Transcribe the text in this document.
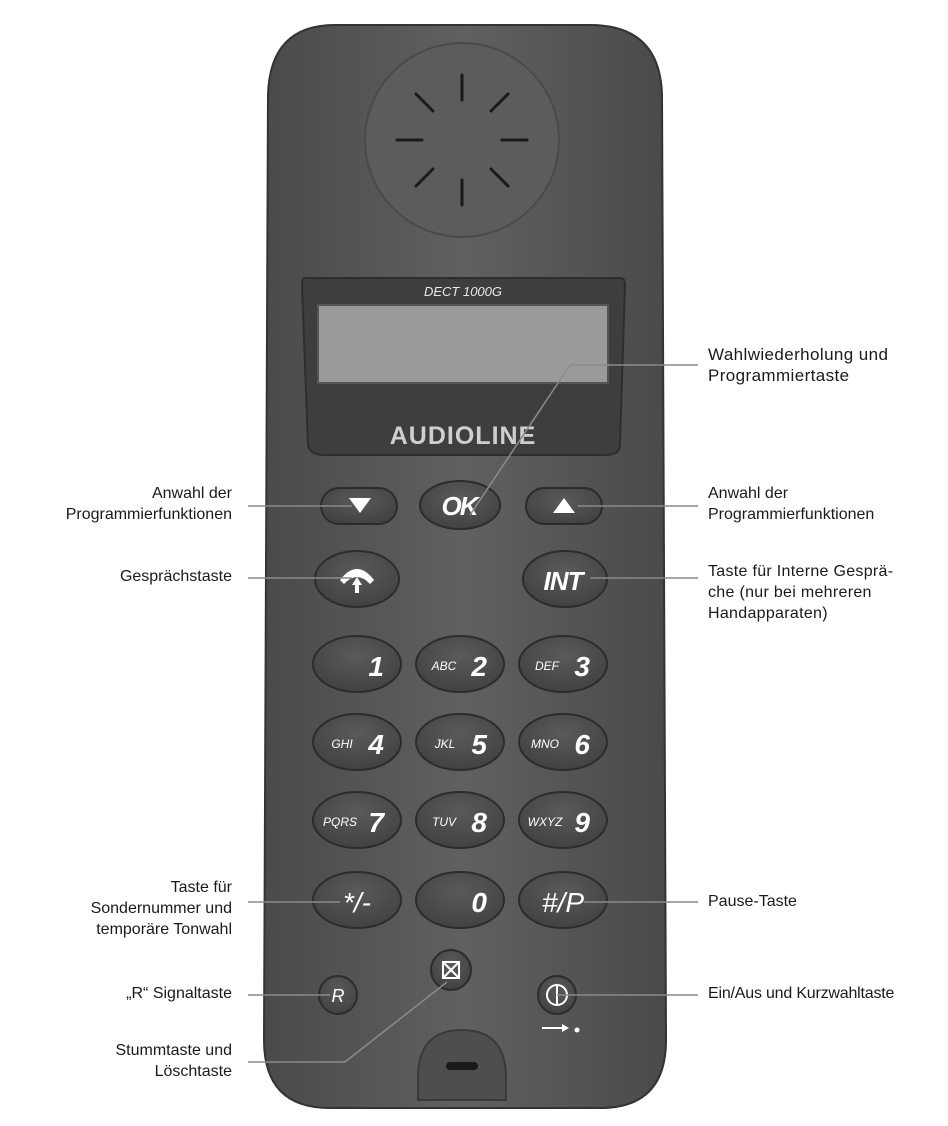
DECT 1000G
AUDIOLINE
OK
INT
1	ABC 2	DEF 3
GHI 4	JKL 5	MNO 6
PQRS 7	TUV 8	WXYZ 9
*/-	0 #/P
R
Wahlwiederholung und
Programmiertaste
Anwahl der
Programmierfunktionen
Anwahl der
Programmierfunktionen
Gesprächstaste	Taste für Interne Gesprä-
che (nur bei mehreren
Handapparaten)
Taste für
Sondernummer und
temporäre Tonwahl
Pause-Taste
„R“ Signaltaste	Ein/Aus und Kurzwahltaste
Stummtaste und
Löschtaste
